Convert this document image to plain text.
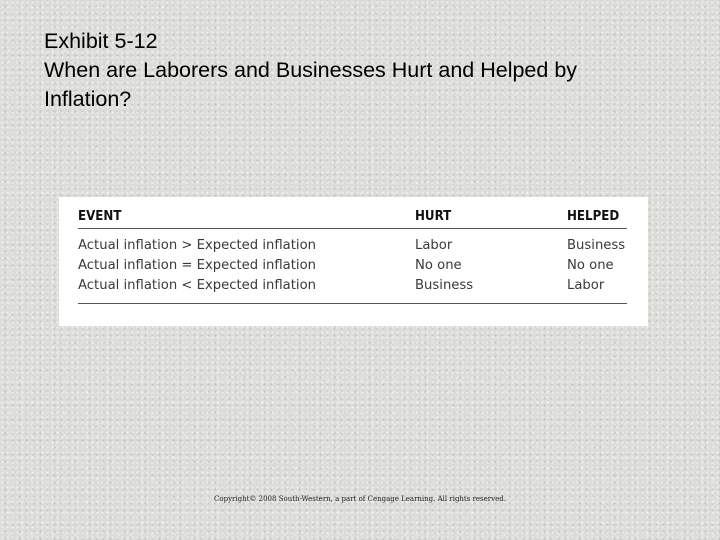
Exhibit 5-12
When are Laborers and Businesses Hurt and Helped by
Inflation?
EVENT	HURT	HELPED
Actual inflation > Expected inflation	Labor	Business
Actual inflation = Expected inflation	No one	No one
Actual inflation < Expected inflation	Business	Labor

Copyright© 2008 South-Western, a part of Cengage Learning. All rights reserved.
